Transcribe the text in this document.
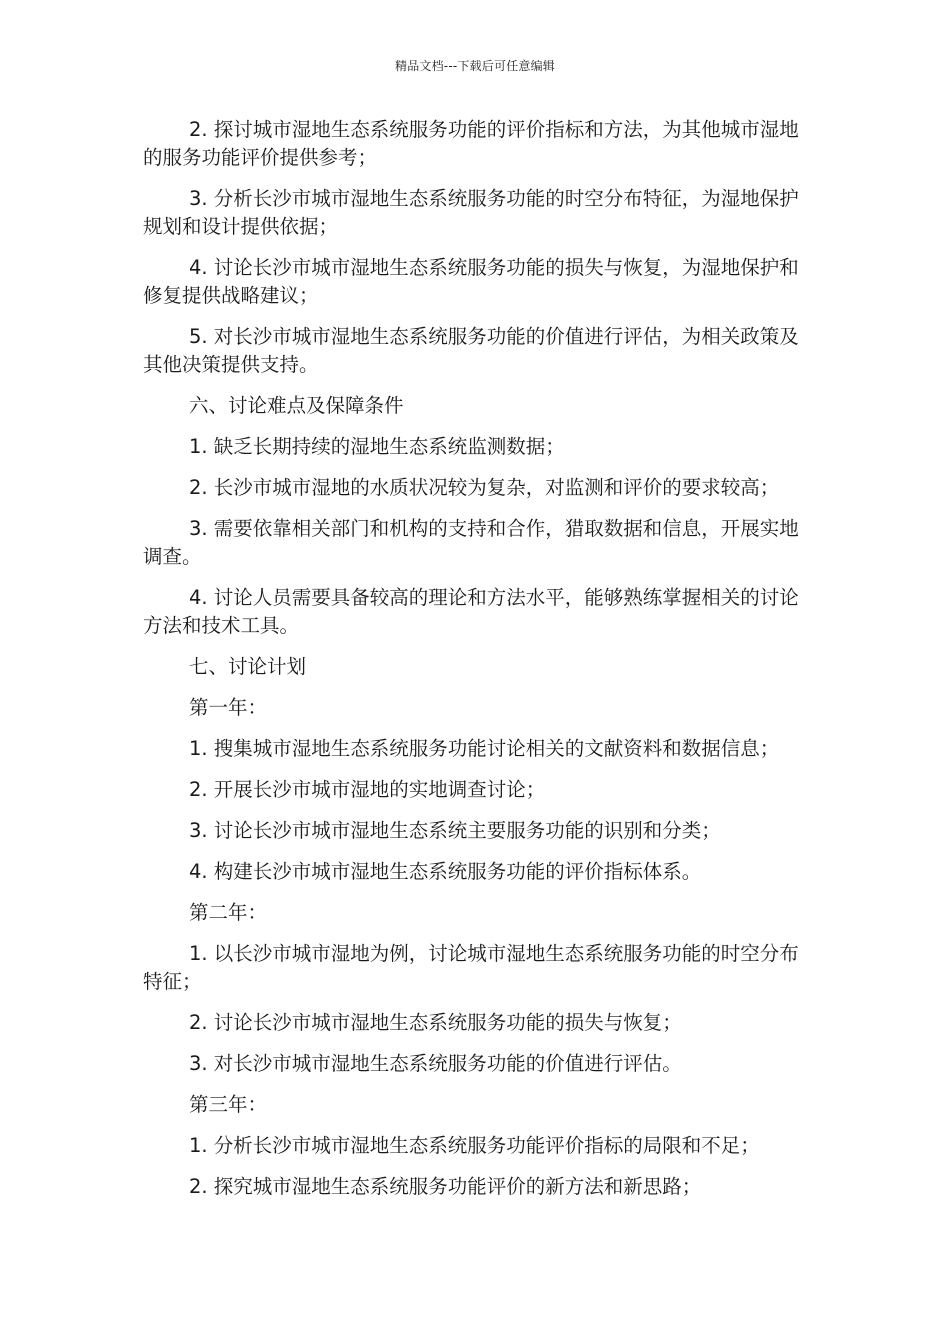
精品文档---下载后可任意编辑

2. 探讨城市湿地生态系统服务功能的评价指标和方法，为其他城市湿地的服务功能评价提供参考；

3. 分析长沙市城市湿地生态系统服务功能的时空分布特征，为湿地保护规划和设计提供依据；

4. 讨论长沙市城市湿地生态系统服务功能的损失与恢复，为湿地保护和修复提供战略建议；

5. 对长沙市城市湿地生态系统服务功能的价值进行评估，为相关政策及其他决策提供支持。

六、讨论难点及保障条件

1. 缺乏长期持续的湿地生态系统监测数据；

2. 长沙市城市湿地的水质状况较为复杂，对监测和评价的要求较高；

3. 需要依靠相关部门和机构的支持和合作，猎取数据和信息，开展实地调查。

4. 讨论人员需要具备较高的理论和方法水平，能够熟练掌握相关的讨论方法和技术工具。

七、讨论计划

第一年：

1. 搜集城市湿地生态系统服务功能讨论相关的文献资料和数据信息；

2. 开展长沙市城市湿地的实地调查讨论；

3. 讨论长沙市城市湿地生态系统主要服务功能的识别和分类；

4. 构建长沙市城市湿地生态系统服务功能的评价指标体系。

第二年：

1. 以长沙市城市湿地为例，讨论城市湿地生态系统服务功能的时空分布特征；

2. 讨论长沙市城市湿地生态系统服务功能的损失与恢复；

3. 对长沙市城市湿地生态系统服务功能的价值进行评估。

第三年：

1. 分析长沙市城市湿地生态系统服务功能评价指标的局限和不足；

2. 探究城市湿地生态系统服务功能评价的新方法和新思路；
